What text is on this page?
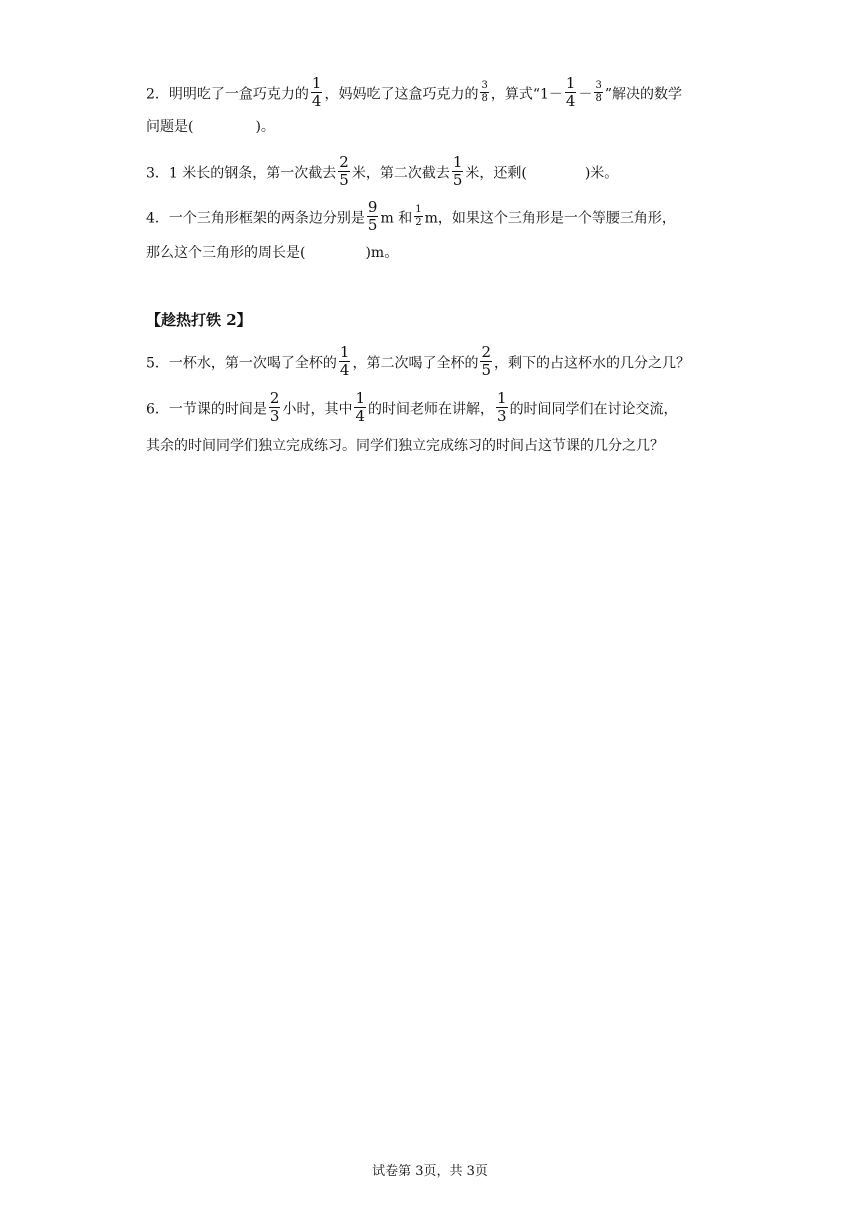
2．明明吃了一盒巧克力的 $\frac{1}{4}$ ，妈妈吃了这盒巧克力的 $\frac{3}{8}$ ，算式“$1- \frac{1}{4} - \frac{3}{8}$ ”解决的数学
问题是(	)。
3．1 米长的钢条，第一次截去 $\frac{2}{5}$ 米，第二次截去 $\frac{1}{5}$ 米，还剩(	)米。
4．一个三角形框架的两条边分别是 $\frac{9}{5}$ m 和 $\frac{1}{2}$ m，如果这个三角形是一个等腰三角形，
那么这个三角形的周长是(	)m。
【趁热打铁 2】
5．一杯水，第一次喝了全杯的 $\frac{1}{4}$ ，第二次喝了全杯的 $\frac{2}{5}$ ，剩下的占这杯水的几分之几？
6．一节课的时间是 $\frac{2}{3}$ 小时，其中 $\frac{1}{4}$ 的时间老师在讲解， $\frac{1}{3}$ 的时间同学们在讨论交流，
其余的时间同学们独立完成练习。同学们独立完成练习的时间占这节课的几分之几？
试卷第 3页，共 3页
